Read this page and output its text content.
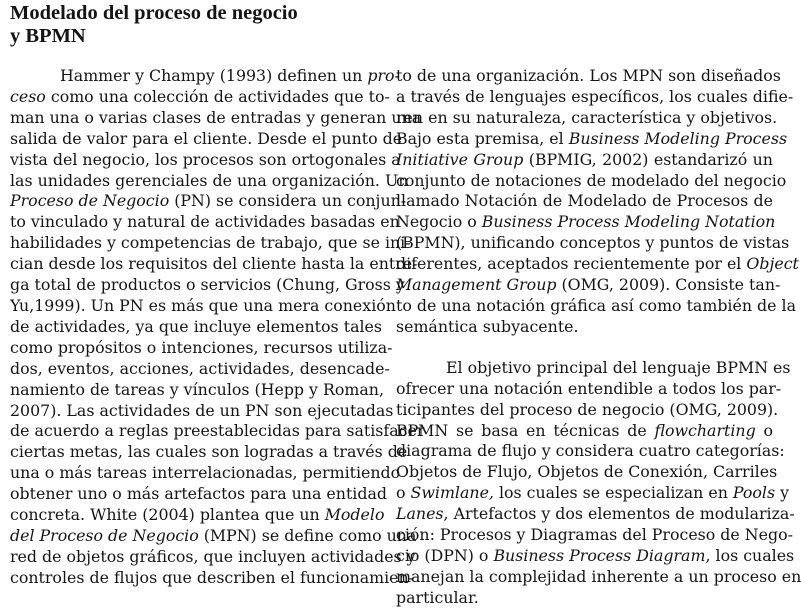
Modelado del proceso de negocio
y BPMN
Hammer y Champy (1993) definen un pro-
ceso como una colección de actividades que to-
man una o varias clases de entradas y generan una
salida de valor para el cliente. Desde el punto de
vista del negocio, los procesos son ortogonales a
las unidades gerenciales de una organización. Un
Proceso de Negocio (PN) se considera un conjun-
to vinculado y natural de actividades basadas en
habilidades y competencias de trabajo, que se ini-
cian desde los requisitos del cliente hasta la entre-
ga total de productos o servicios (Chung, Gross y
Yu,1999). Un PN es más que una mera conexión
de actividades, ya que incluye elementos tales
como propósitos o intenciones, recursos utiliza-
dos, eventos, acciones, actividades, desencade-
namiento de tareas y vínculos (Hepp y Roman,
2007). Las actividades de un PN son ejecutadas
de acuerdo a reglas preestablecidas para satisfacer
ciertas metas, las cuales son logradas a través de
una o más tareas interrelacionadas, permitiendo
obtener uno o más artefactos para una entidad
concreta. White (2004) plantea que un Modelo
del Proceso de Negocio (MPN) se define como una
red de objetos gráficos, que incluyen actividades y
controles de flujos que describen el funcionamien-
to de una organización. Los MPN son diseñados
a través de lenguajes específicos, los cuales difie-
ren en su naturaleza, característica y objetivos.
Bajo esta premisa, el Business Modeling Process
Initiative Group (BPMIG, 2002) estandarizó un
conjunto de notaciones de modelado del negocio
llamado Notación de Modelado de Procesos de
Negocio o Business Process Modeling Notation
(BPMN), unificando conceptos y puntos de vistas
diferentes, aceptados recientemente por el Object
Management Group (OMG, 2009). Consiste tan-
to de una notación gráfica así como también de la
semántica subyacente.
El objetivo principal del lenguaje BPMN es
ofrecer una notación entendible a todos los par-
ticipantes del proceso de negocio (OMG, 2009).
BPMN se basa en técnicas de flowcharting o
diagrama de flujo y considera cuatro categorías:
Objetos de Flujo, Objetos de Conexión, Carriles
o Swimlane, los cuales se especializan en Pools y
Lanes, Artefactos y dos elementos de modulariza-
ción: Procesos y Diagramas del Proceso de Nego-
cio (DPN) o Business Process Diagram, los cuales
manejan la complejidad inherente a un proceso en
particular.
